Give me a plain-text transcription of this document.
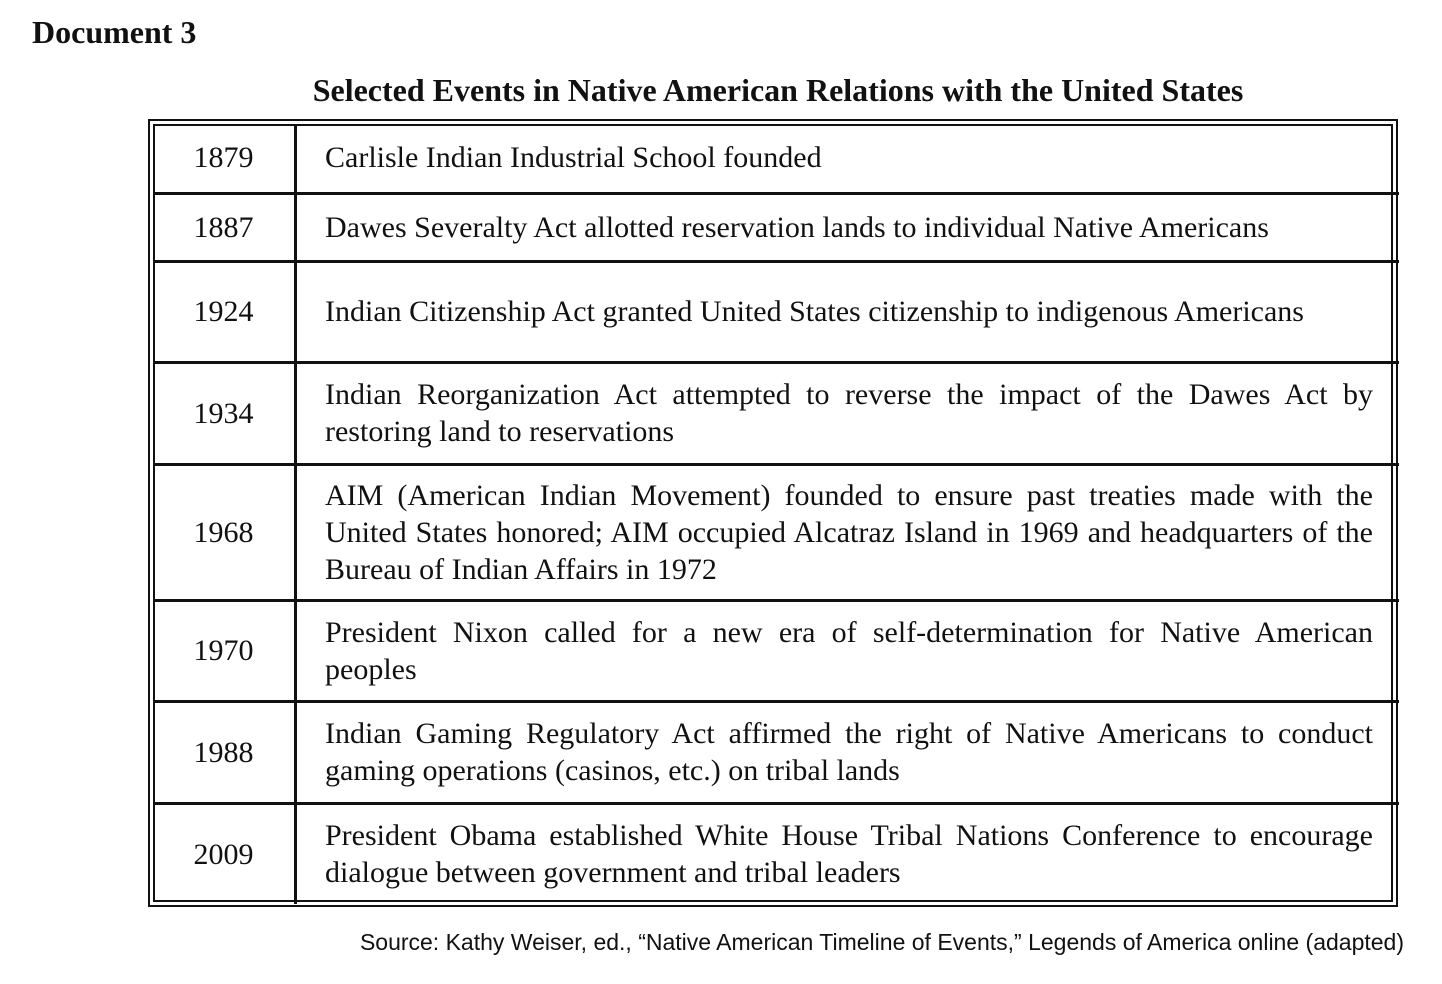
Document 3
Selected Events in Native American Relations with the United States
1879	Carlisle Indian Industrial School founded
1887	Dawes Severalty Act allotted reservation lands to individual Native Americans
1924	Indian Citizenship Act granted United States citizenship to indigenous Americans
1934	Indian Reorganization Act attempted to reverse the impact of the Dawes Act by restoring land to reservations
1968	AIM (American Indian Movement) founded to ensure past treaties made with the United States honored; AIM occupied Alcatraz Island in 1969 and headquarters of the Bureau of Indian Affairs in 1972
1970	President Nixon called for a new era of self-determination for Native American peoples
1988	Indian Gaming Regulatory Act affirmed the right of Native Americans to conduct gaming operations (casinos, etc.) on tribal lands
2009	President Obama established White House Tribal Nations Conference to encourage dialogue between government and tribal leaders
Source: Kathy Weiser, ed., “Native American Timeline of Events,” Legends of America online (adapted)
